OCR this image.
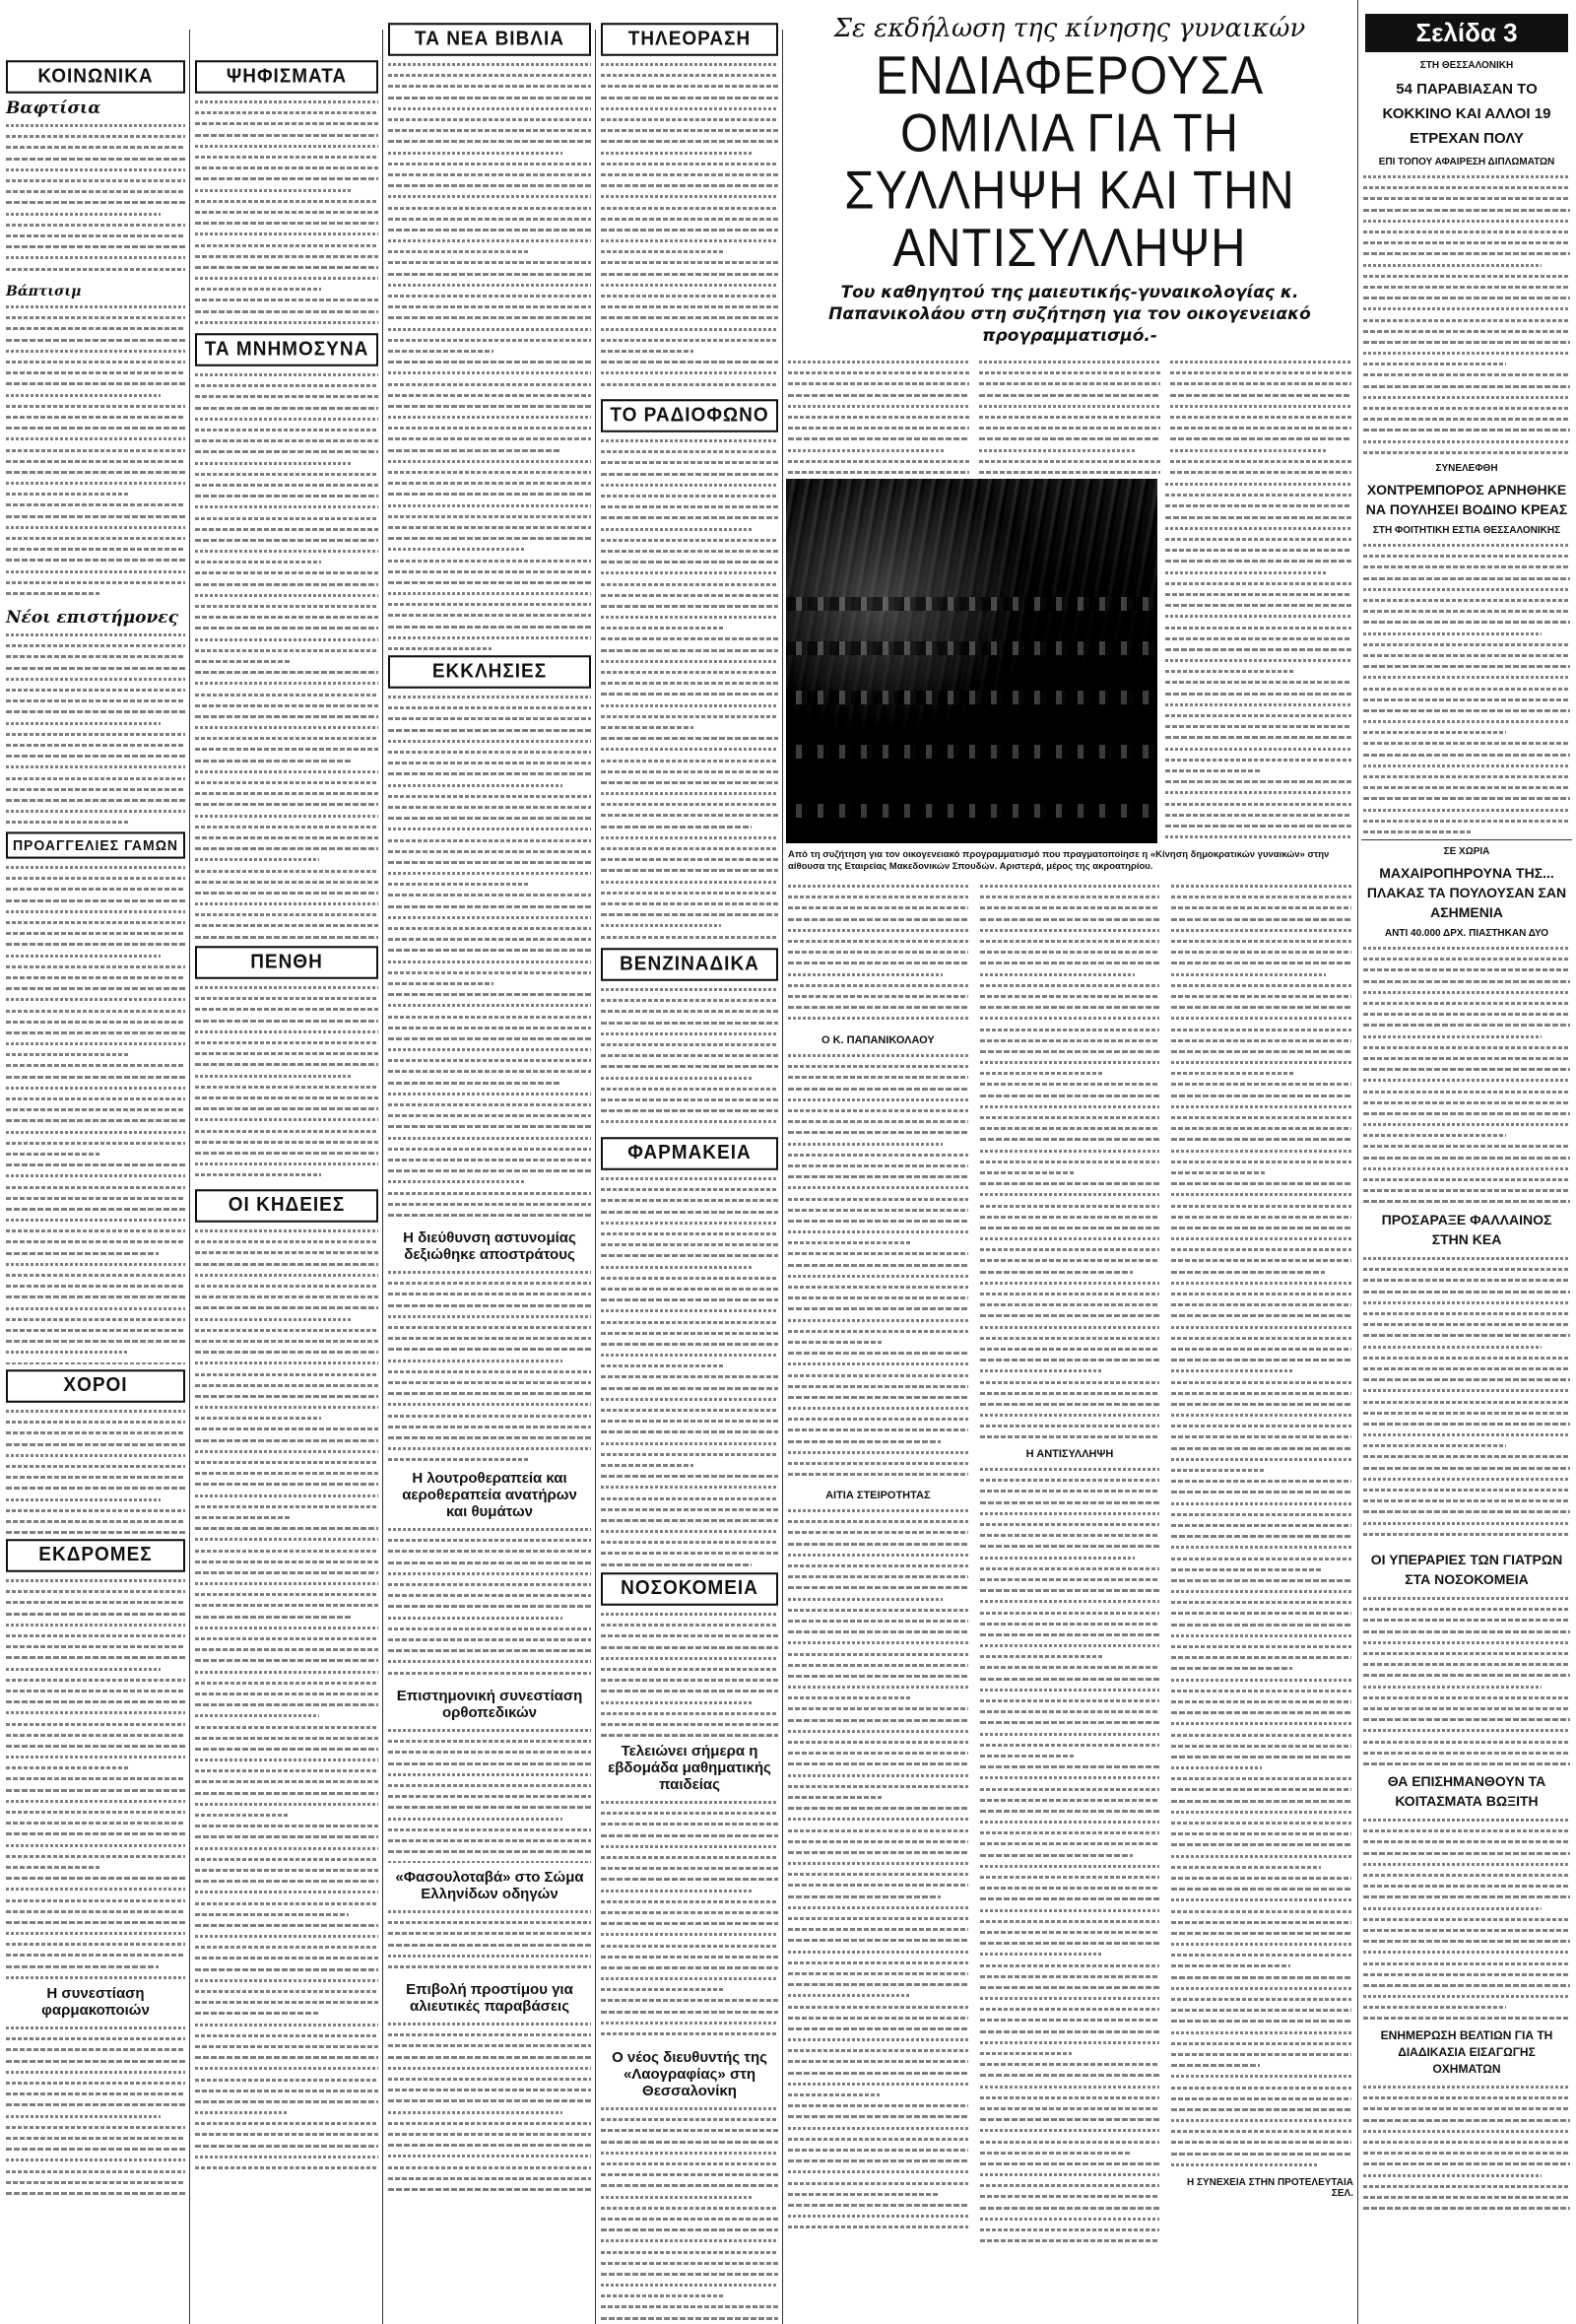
ΚΟΙΝΩΝΙΚΑ
Βαφτίσια
Βάπτισιμ
Νέοι επιστήμονες
ΠΡΟΑΓΓΕΛΙΕΣ ΓΑΜΩΝ
ΧΟΡΟΙ
ΕΚΔΡΟΜΕΣ
Η συνεστίαση φαρμακοποιών
ΨΗΦΙΣΜΑΤΑ
ΤΑ ΜΝΗΜΟΣΥΝΑ
ΠΕΝΘΗ
ΟΙ ΚΗΔΕΙΕΣ
ΤΑ ΝΕΑ ΒΙΒΛΙΑ
ΕΚΚΛΗΣΙΕΣ
Η διεύθυνση αστυνομίας δεξιώθηκε αποστράτους
Η λουτροθεραπεία και αεροθεραπεία ανατήρων και θυμάτων
Επιστημονική συνεστίαση ορθοπεδικών
«Φασουλοταβά» στο Σώμα Ελληνίδων οδηγών
Επιβολή προστίμου για αλιευτικές παραβάσεις
ΤΗΛΕΟΡΑΣΗ
ΤΟ ΡΑΔΙΟΦΩΝΟ
ΒΕΝΖΙΝΑΔΙΚΑ
ΦΑΡΜΑΚΕΙΑ
ΝΟΣΟΚΟΜΕΙΑ
Τελειώνει σήμερα η εβδομάδα μαθηματικής παιδείας
Ο νέος διευθυντής της «Λαογραφίας» στη Θεσσαλονίκη
Σε εκδήλωση της κίνησης γυναικών
ΕΝΔΙΑΦΕΡΟΥΣΑ ΟΜΙΛΙΑ ΓΙΑ ΤΗ ΣΥΛΛΗΨΗ ΚΑΙ ΤΗΝ ΑΝΤΙΣΥΛΛΗΨΗ
Του καθηγητού της μαιευτικής-γυναικολογίας κ. Παπανικολάου στη συζήτηση για τον οικογενειακό προγραμματισμό.-
Από τη συζήτηση για τον οικογενειακό προγραμματισμό που πραγματοποίησε η «Κίνηση δημοκρατικών γυναικών» στην αίθουσα της Εταιρείας Μακεδονικών Σπουδών. Αριστερά, μέρος της ακροατηρίου.
Ο Κ. ΠΑΠΑΝΙΚΟΛΑΟΥ
ΑΙΤΙΑ ΣΤΕΙΡΟΤΗΤΑΣ
Η ΑΝΤΙΣΥΛΛΗΨΗ
Η ΣΥΝΕΧΕΙΑ ΣΤΗΝ ΠΡΟΤΕΛΕΥΤΑΙΑ ΣΕΛ.
Σελίδα 3
ΣΤΗ ΘΕΣΣΑΛΟΝΙΚΗ
54 ΠΑΡΑΒΙΑΣΑΝ ΤΟ ΚΟΚΚΙΝΟ ΚΑΙ ΑΛΛΟΙ 19 ΕΤΡΕΧΑΝ ΠΟΛΥ
ΕΠΙ ΤΟΠΟΥ ΑΦΑΙΡΕΣΗ ΔΙΠΛΩΜΑΤΩΝ
ΣΥΝΕΛΕΦΘΗ
ΧΟΝΤΡΕΜΠΟΡΟΣ ΑΡΝΗΘΗΚΕ ΝΑ ΠΟΥΛΗΣΕΙ ΒΟΔΙΝΟ ΚΡΕΑΣ
ΣΤΗ ΦΟΙΤΗΤΙΚΗ ΕΣΤΙΑ ΘΕΣΣΑΛΟΝΙΚΗΣ
ΣΕ ΧΩΡΙΑ
ΜΑΧΑΙΡΟΠΗΡΟΥΝΑ ΤΗΣ... ΠΛΑΚΑΣ ΤΑ ΠΟΥΛΟΥΣΑΝ ΣΑΝ ΑΣΗΜΕΝΙΑ
ΑΝΤΙ 40.000 ΔΡΧ. ΠΙΑΣΤΗΚΑΝ ΔΥΟ
ΠΡΟΣΑΡΑΞΕ ΦΑΛΛΑΙΝΟΣ ΣΤΗΝ ΚΕΑ
ΟΙ ΥΠΕΡΑΡΙΕΣ ΤΩΝ ΓΙΑΤΡΩΝ ΣΤΑ ΝΟΣΟΚΟΜΕΙΑ
ΘΑ ΕΠΙΣΗΜΑΝΘΟΥΝ ΤΑ ΚΟΙΤΑΣΜΑΤΑ ΒΩΞΙΤΗ
ΕΝΗΜΕΡΩΣΗ ΒΕΛΤΙΩΝ ΓΙΑ ΤΗ ΔΙΑΔΙΚΑΣΙΑ ΕΙΣΑΓΩΓΗΣ ΟΧΗΜΑΤΩΝ
